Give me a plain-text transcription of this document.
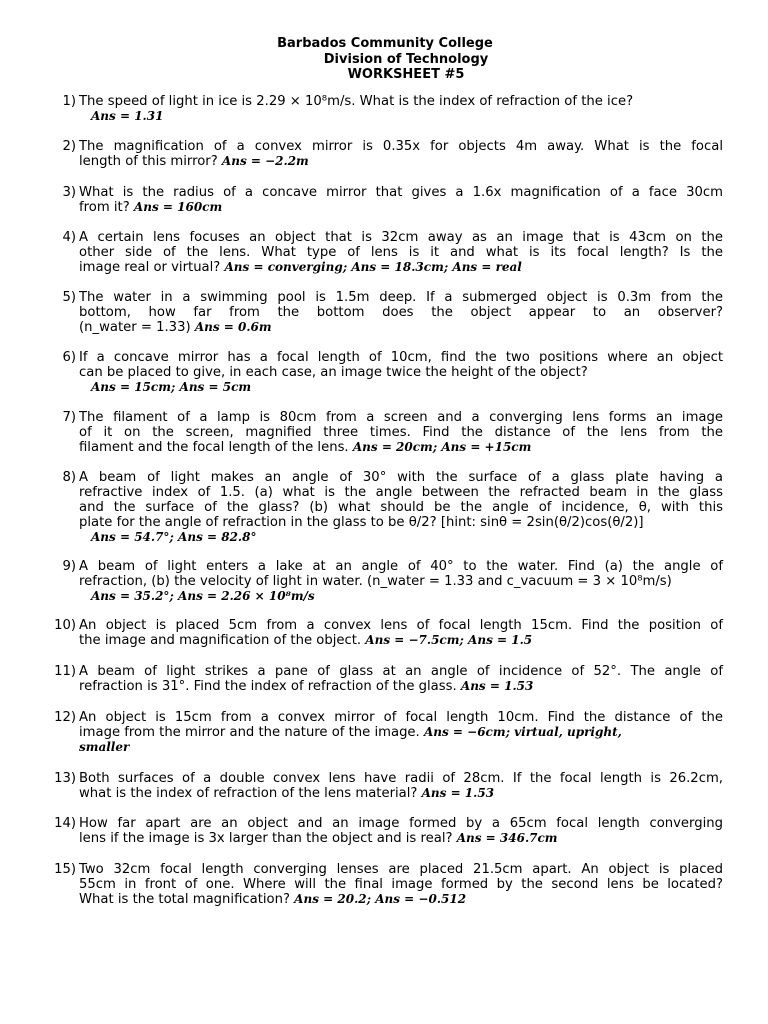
Barbados Community College
Division of Technology
WORKSHEET #5
1) The speed of light in ice is 2.29 × 10⁸m/s. What is the index of refraction of the ice?
Ans = 1.31
2) The magnification of a convex mirror is 0.35x for objects 4m away. What is the focal
length of this mirror? Ans = −2.2m
3) What is the radius of a concave mirror that gives a 1.6x magnification of a face 30cm
from it? Ans = 160cm
4) A certain lens focuses an object that is 32cm away as an image that is 43cm on the
other side of the lens. What type of lens is it and what is its focal length? Is the
image real or virtual? Ans = converging; Ans = 18.3cm; Ans = real
5) The water in a swimming pool is 1.5m deep. If a submerged object is 0.3m from the
bottom, how far from the bottom does the object appear to an observer?
(n_water = 1.33) Ans = 0.6m
6) If a concave mirror has a focal length of 10cm, find the two positions where an object
can be placed to give, in each case, an image twice the height of the object?
Ans = 15cm; Ans = 5cm
7) The filament of a lamp is 80cm from a screen and a converging lens forms an image
of it on the screen, magnified three times. Find the distance of the lens from the
filament and the focal length of the lens. Ans = 20cm; Ans = +15cm
8) A beam of light makes an angle of 30° with the surface of a glass plate having a
refractive index of 1.5. (a) what is the angle between the refracted beam in the glass
and the surface of the glass? (b) what should be the angle of incidence, θ, with this
plate for the angle of refraction in the glass to be θ/2? [hint: sinθ = 2sin(θ/2)cos(θ/2)]
Ans = 54.7°; Ans = 82.8°
9) A beam of light enters a lake at an angle of 40° to the water. Find (a) the angle of
refraction, (b) the velocity of light in water. (n_water = 1.33 and c_vacuum = 3 × 10⁸m/s)
Ans = 35.2°; Ans = 2.26 × 10⁸m/s
10) An object is placed 5cm from a convex lens of focal length 15cm. Find the position of
the image and magnification of the object. Ans = −7.5cm; Ans = 1.5
11) A beam of light strikes a pane of glass at an angle of incidence of 52°. The angle of
refraction is 31°. Find the index of refraction of the glass. Ans = 1.53
12) An object is 15cm from a convex mirror of focal length 10cm. Find the distance of the
image from the mirror and the nature of the image. Ans = −6cm; virtual, upright,
smaller
13) Both surfaces of a double convex lens have radii of 28cm. If the focal length is 26.2cm,
what is the index of refraction of the lens material? Ans = 1.53
14) How far apart are an object and an image formed by a 65cm focal length converging
lens if the image is 3x larger than the object and is real? Ans = 346.7cm
15) Two 32cm focal length converging lenses are placed 21.5cm apart. An object is placed
55cm in front of one. Where will the final image formed by the second lens be located?
What is the total magnification? Ans = 20.2; Ans = −0.512
